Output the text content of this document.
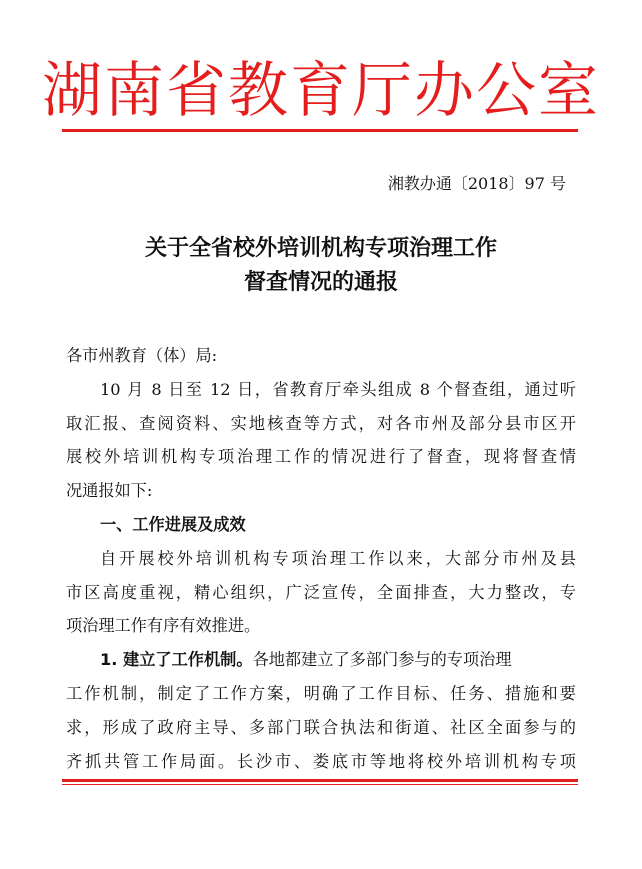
湖南省教育厅办公室
湘教办通〔2018〕97 号
关于全省校外培训机构专项治理工作
督查情况的通报
各市州教育（体）局:
10 月 8 日至 12 日，省教育厅牵头组成 8 个督查组，通过听
取汇报、查阅资料、实地核查等方式，对各市州及部分县市区开
展校外培训机构专项治理工作的情况进行了督查，现将督查情
况通报如下:
一、工作进展及成效
自开展校外培训机构专项治理工作以来，大部分市州及县
市区高度重视，精心组织，广泛宣传，全面排查，大力整改，专
项治理工作有序有效推进。
1. 建立了工作机制。各地都建立了多部门参与的专项治理
工作机制，制定了工作方案，明确了工作目标、任务、措施和要
求，形成了政府主导、多部门联合执法和街道、社区全面参与的
齐抓共管工作局面。长沙市、娄底市等地将校外培训机构专项
